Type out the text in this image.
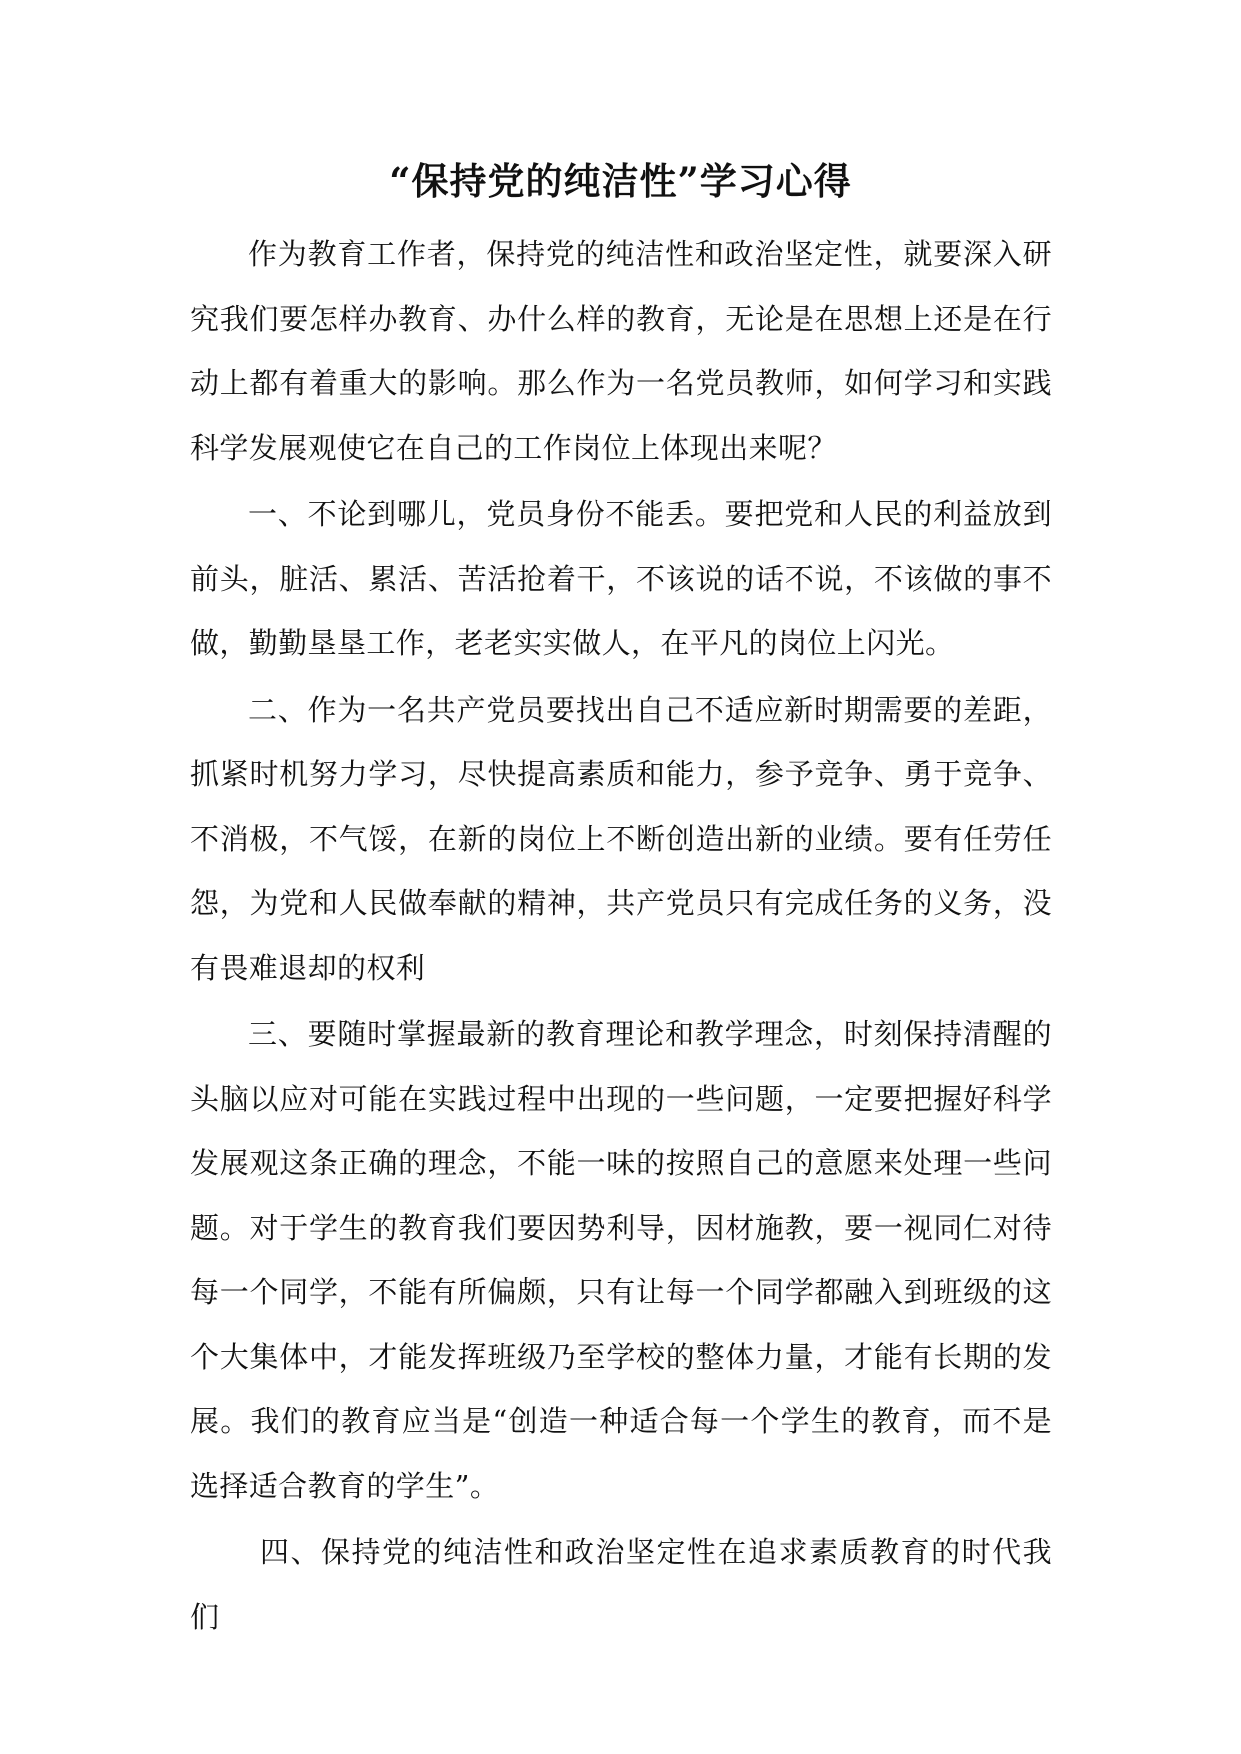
“保持党的纯洁性”学习心得

作为教育工作者，保持党的纯洁性和政治坚定性，就要深入研究我们要怎样办教育、办什么样的教育，无论是在思想上还是在行动上都有着重大的影响。那么作为一名党员教师，如何学习和实践科学发展观使它在自己的工作岗位上体现出来呢？

一、不论到哪儿，党员身份不能丢。要把党和人民的利益放到前头，脏活、累活、苦活抢着干，不该说的话不说，不该做的事不做，勤勤垦垦工作，老老实实做人，在平凡的岗位上闪光。

二、作为一名共产党员要找出自己不适应新时期需要的差距，抓紧时机努力学习，尽快提高素质和能力，参予竞争、勇于竞争、不消极，不气馁，在新的岗位上不断创造出新的业绩。要有任劳任怨，为党和人民做奉献的精神，共产党员只有完成任务的义务，没有畏难退却的权利

三、要随时掌握最新的教育理论和教学理念，时刻保持清醒的头脑以应对可能在实践过程中出现的一些问题，一定要把握好科学发展观这条正确的理念，不能一味的按照自己的意愿来处理一些问题。对于学生的教育我们要因势利导，因材施教，要一视同仁对待每一个同学，不能有所偏颇，只有让每一个同学都融入到班级的这个大集体中，才能发挥班级乃至学校的整体力量，才能有长期的发展。我们的教育应当是“创造一种适合每一个学生的教育，而不是选择适合教育的学生”。

四、保持党的纯洁性和政治坚定性在追求素质教育的时代我们
